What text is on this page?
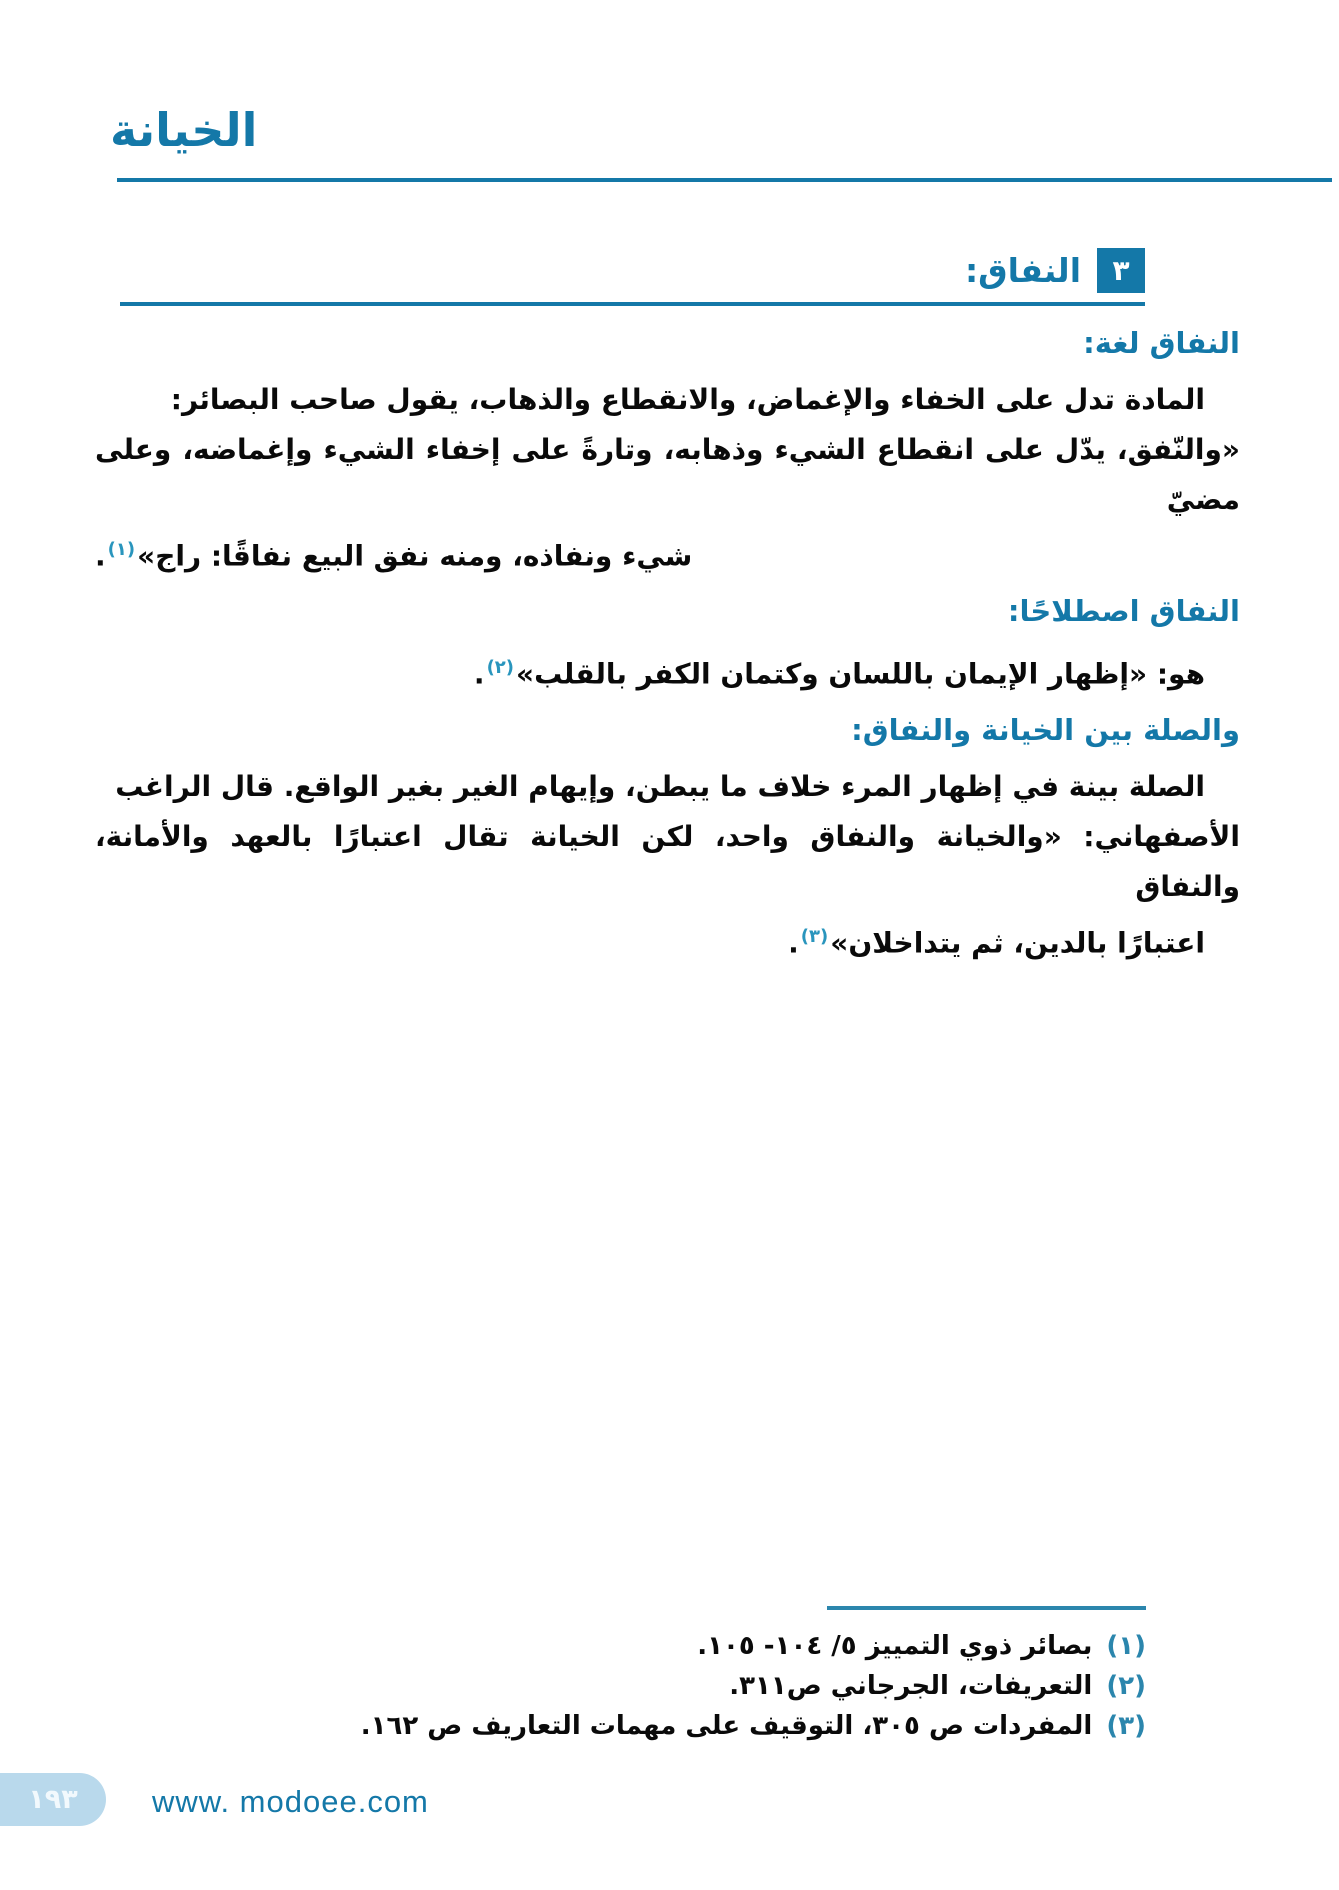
الخيانة
٣
النفاق:
النفاق لغة:
المادة تدل على الخفاء والإغماض، والانقطاع والذهاب، يقول صاحب البصائر:
«والنّفق، يدّل على انقطاع الشيء وذهابه، وتارةً على إخفاء الشيء وإغماضه، وعلى مضيّ
شيء ونفاذه، ومنه نفق البيع نفاقًا: راج»$^{(١)}$.
النفاق اصطلاحًا:
هو: «إظهار الإيمان باللسان وكتمان الكفر بالقلب»$^{(٢)}$.
والصلة بين الخيانة والنفاق:
الصلة بينة في إظهار المرء خلاف ما يبطن، وإيهام الغير بغير الواقع. قال الراغب
الأصفهاني: «والخيانة والنفاق واحد، لكن الخيانة تقال اعتبارًا بالعهد والأمانة، والنفاق
اعتبارًا بالدين، ثم يتداخلان»$^{(٣)}$.
(١)بصائر ذوي التمييز ٥/ ١٠٤- ١٠٥.
(٢)التعريفات، الجرجاني ص٣١١.
(٣)المفردات ص ٣٠٥، التوقيف على مهمات التعاريف ص ١٦٢.
١٩٣ www. modoee.com
